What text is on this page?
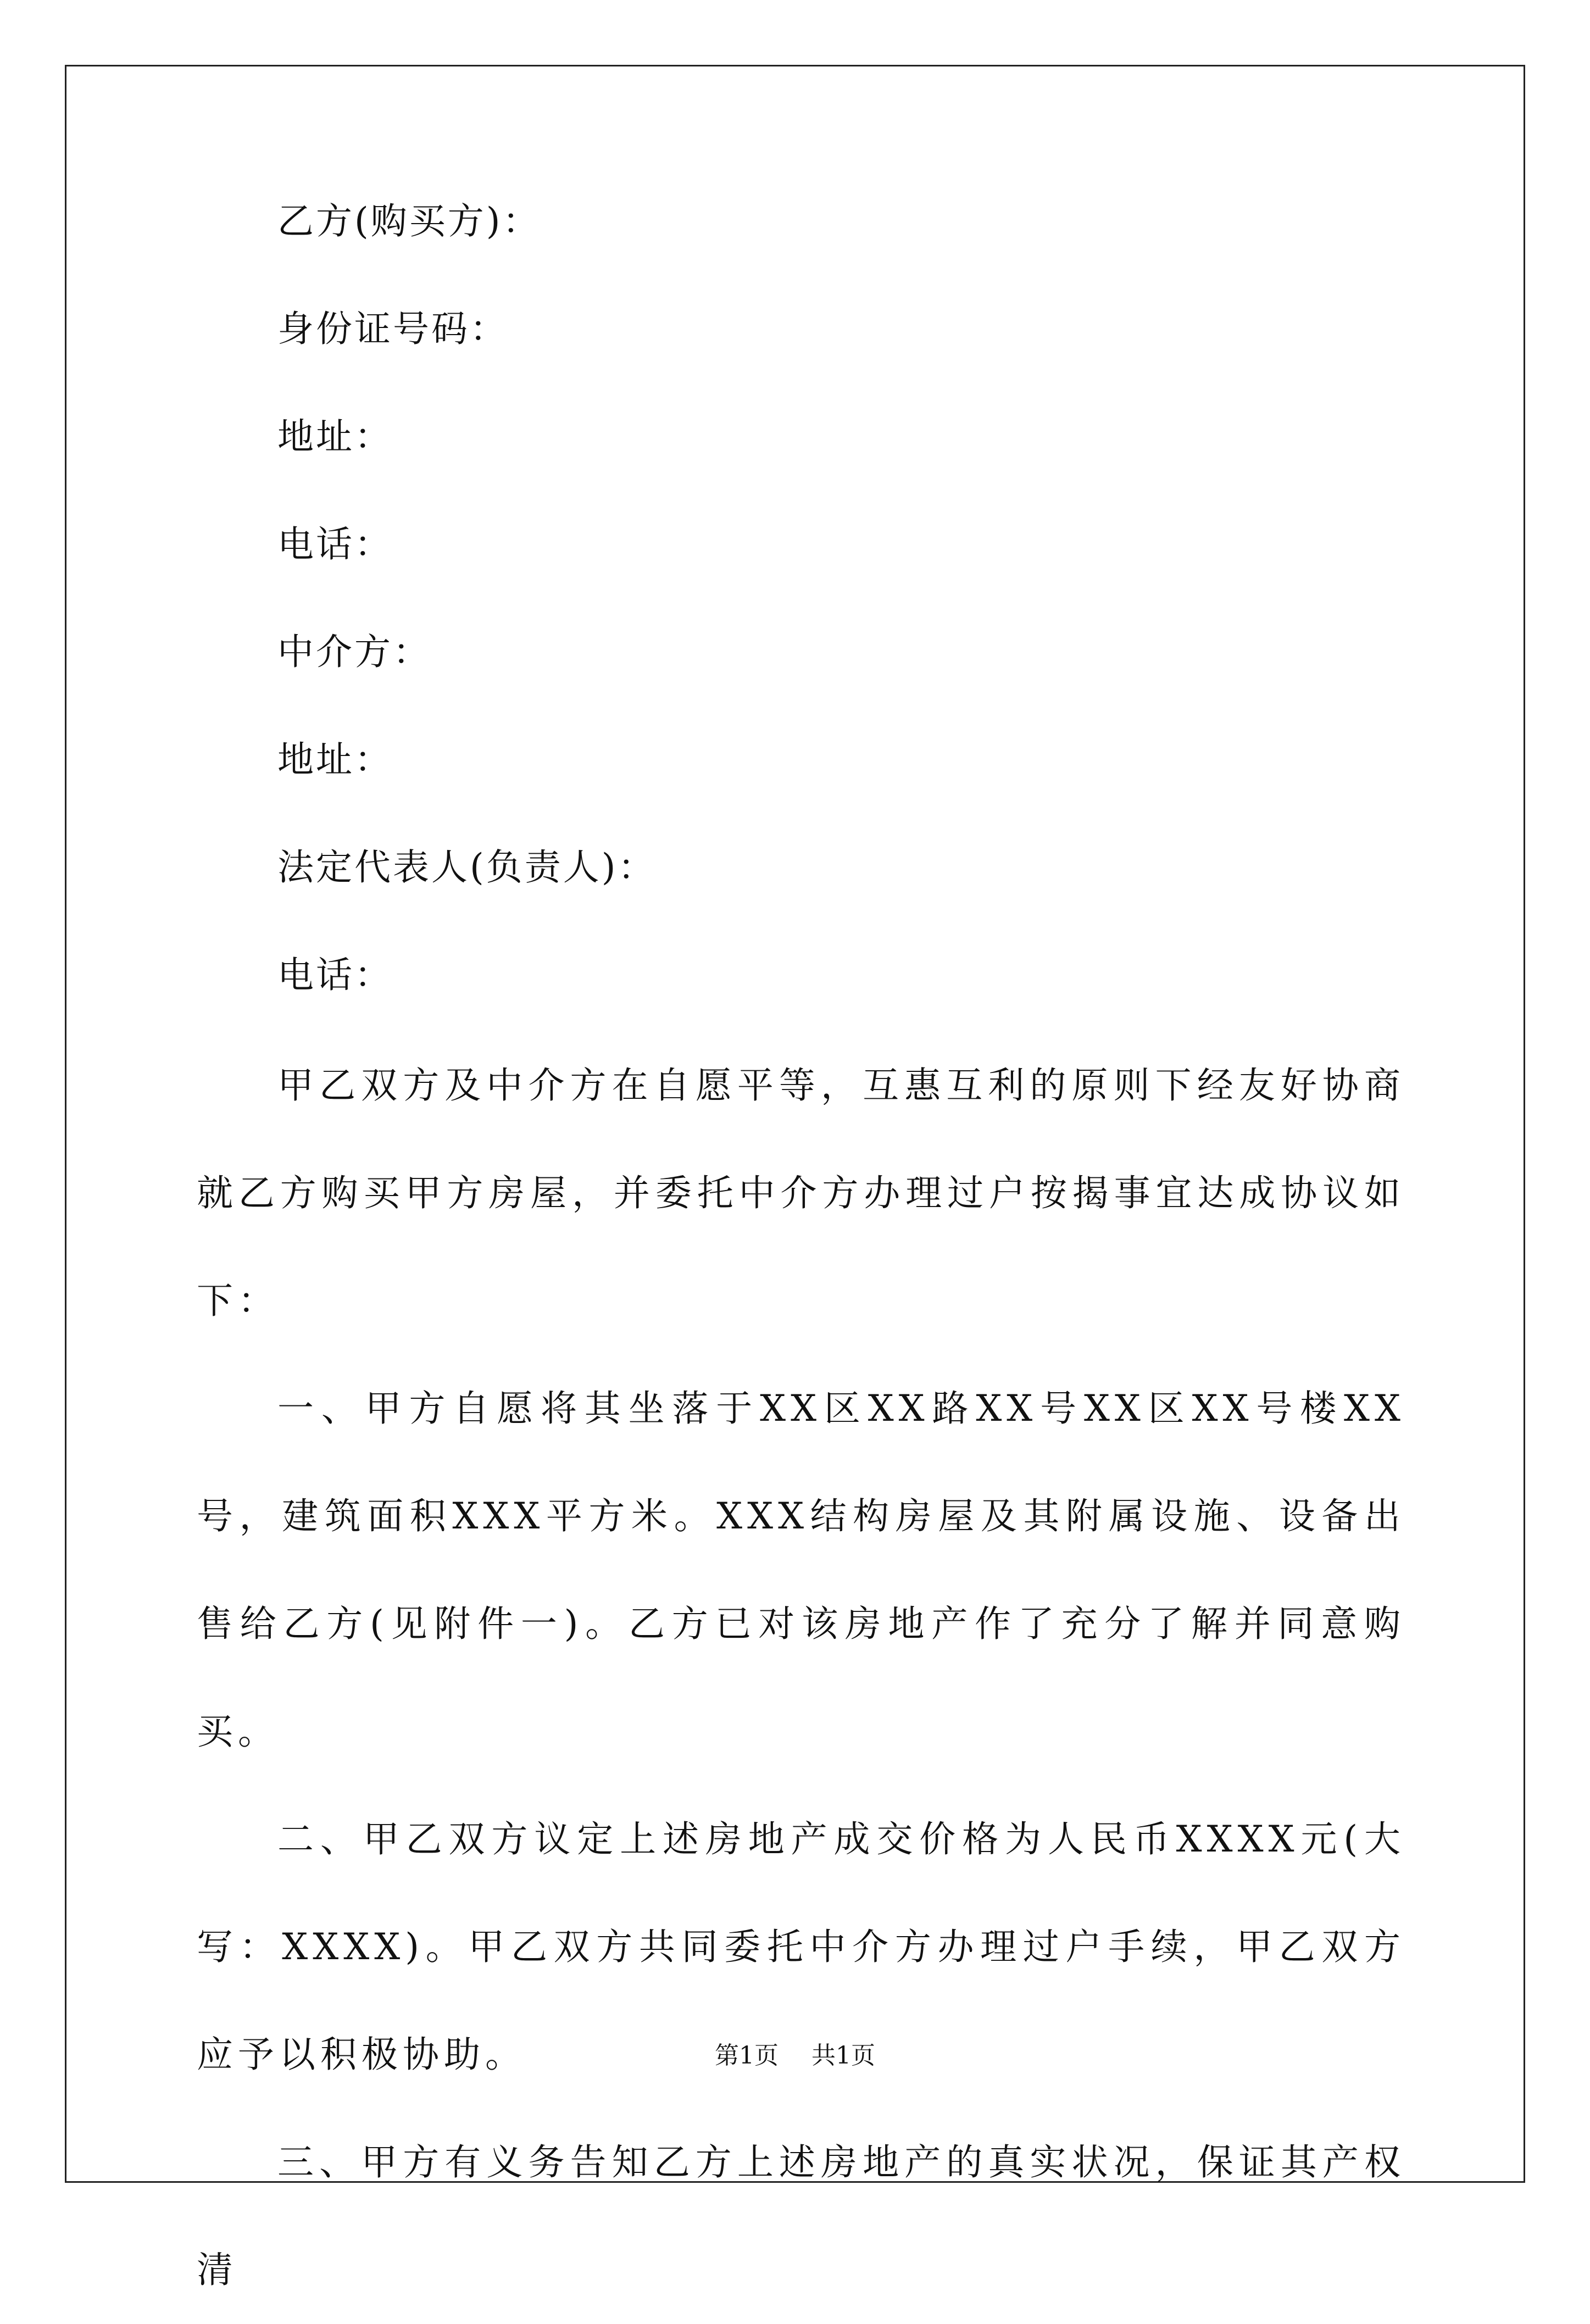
乙方(购买方)：
身份证号码：
地址：
电话：
中介方：
地址：
法定代表人(负责人)：
电话：

甲乙双方及中介方在自愿平等，互惠互利的原则下经友好协商就乙方购买甲方房屋，并委托中介方办理过户按揭事宜达成协议如下：

一、甲方自愿将其坐落于XX区XX路XX号XX区XX号楼XX号，建筑面积XXX平方米。XXX结构房屋及其附属设施、设备出售给乙方(见附件一)。乙方已对该房地产作了充分了解并同意购买。

二、甲乙双方议定上述房地产成交价格为人民币XXXX元(大写：XXXX)。甲乙双方共同委托中介方办理过户手续，甲乙双方应予以积极协助。

三、甲方有义务告知乙方上述房地产的真实状况，保证其产权清

第1页 共1页
